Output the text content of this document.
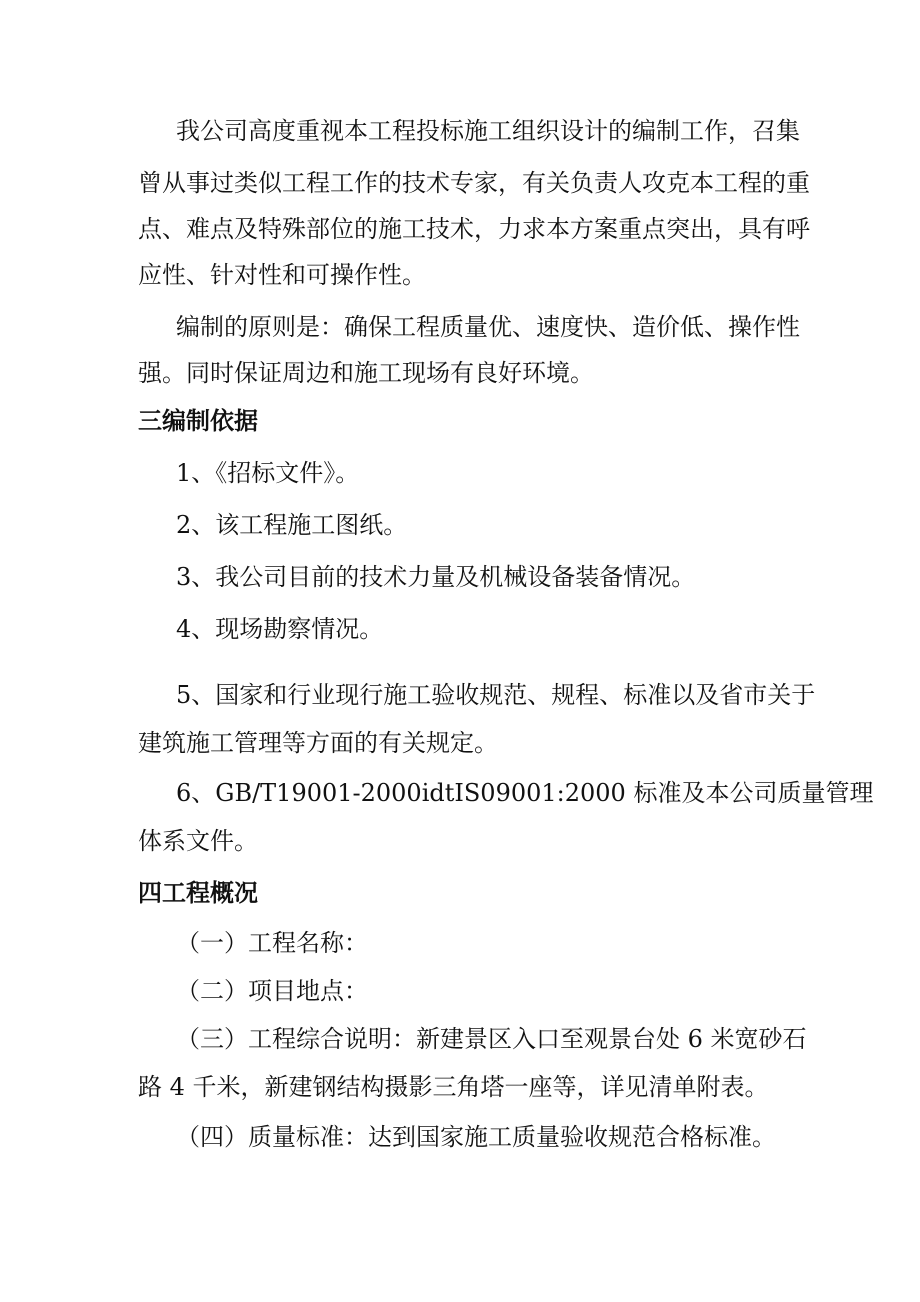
我公司高度重视本工程投标施工组织设计的编制工作，召集
曾从事过类似工程工作的技术专家，有关负责人攻克本工程的重
点、难点及特殊部位的施工技术，力求本方案重点突出，具有呼
应性、针对性和可操作性。
编制的原则是：确保工程质量优、速度快、造价低、操作性
强。同时保证周边和施工现场有良好环境。
三编制依据
1、《招标文件》。
2、该工程施工图纸。
3、我公司目前的技术力量及机械设备装备情况。
4、现场勘察情况。
5、国家和行业现行施工验收规范、规程、标准以及省市关于
建筑施工管理等方面的有关规定。
6、GB/T19001-2000idtIS09001:2000 标准及本公司质量管理
体系文件。
四工程概况
（一）工程名称：
（二）项目地点：
（三）工程综合说明：新建景区入口至观景台处 6 米宽砂石
路 4 千米，新建钢结构摄影三角塔一座等，详见清单附表。
（四）质量标准：达到国家施工质量验收规范合格标准。
